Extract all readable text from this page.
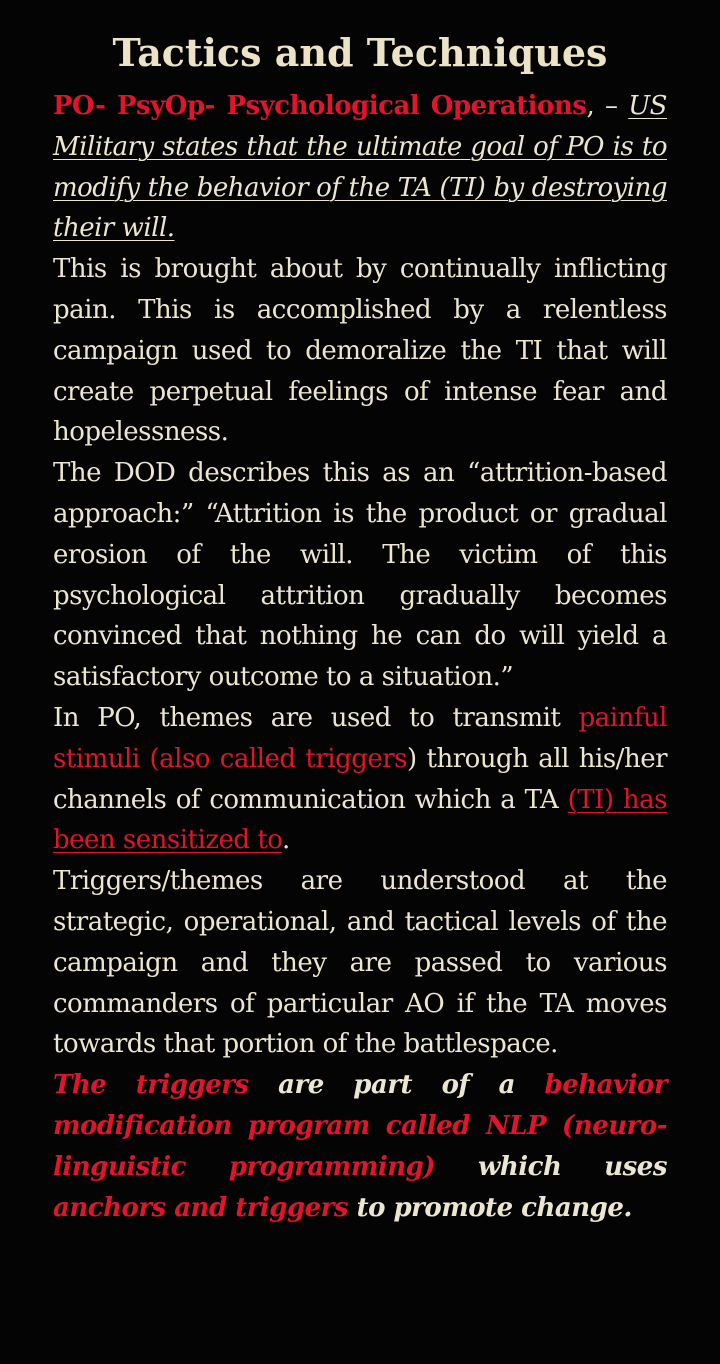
Tactics and Techniques

PO- PsyOp- Psychological Operations, – US Military states that the ultimate goal of PO is to modify the behavior of the TA (TI) by destroying their will.

This is brought about by continually inflicting pain. This is accomplished by a relentless campaign used to demoralize the TI that will create perpetual feelings of intense fear and hopelessness.

The DOD describes this as an “attrition-based approach:” “Attrition is the product or gradual erosion of the will. The victim of this psychological attrition gradually becomes convinced that nothing he can do will yield a satisfactory outcome to a situation.”

In PO, themes are used to transmit painful stimuli (also called triggers) through all his/her channels of communication which a TA (TI) has been sensitized to.

Triggers/themes are understood at the strategic, operational, and tactical levels of the campaign and they are passed to various commanders of particular AO if the TA moves towards that portion of the battlespace.

The triggers are part of a behavior modification program called NLP (neuro-linguistic programming) which uses anchors and triggers to promote change.
